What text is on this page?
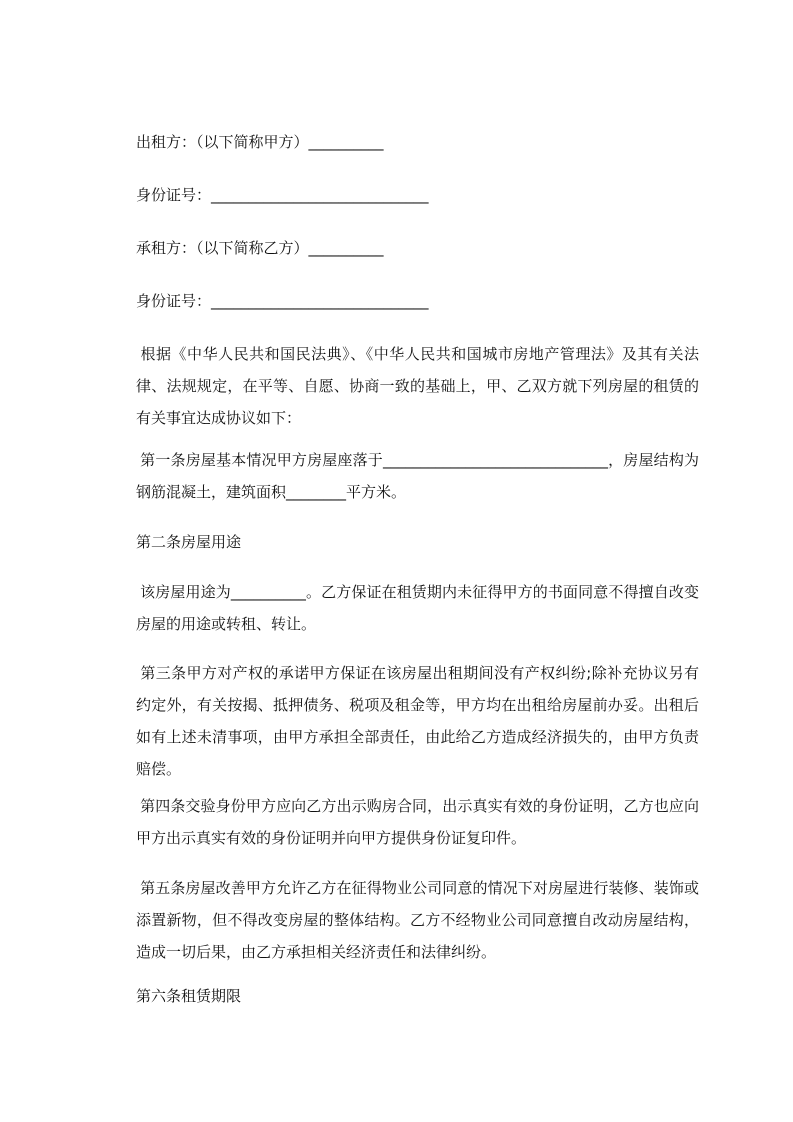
出租方：（以下简称甲方）__________
身份证号：_____________________________
承租方：（以下简称乙方）__________
身份证号：_____________________________
根据《中华人民共和国民法典》、《中华人民共和国城市房地产管理法》及其有关法律、法规规定，在平等、自愿、协商一致的基础上，甲、乙双方就下列房屋的租赁的有关事宜达成协议如下：
第一条房屋基本情况甲方房屋座落于______________________________，房屋结构为钢筋混凝土，建筑面积________平方米。
第二条房屋用途
该房屋用途为__________。乙方保证在租赁期内未征得甲方的书面同意不得擅自改变房屋的用途或转租、转让。
第三条甲方对产权的承诺甲方保证在该房屋出租期间没有产权纠纷;除补充协议另有约定外，有关按揭、抵押债务、税项及租金等，甲方均在出租给房屋前办妥。出租后如有上述未清事项，由甲方承担全部责任，由此给乙方造成经济损失的，由甲方负责赔偿。
第四条交验身份甲方应向乙方出示购房合同，出示真实有效的身份证明，乙方也应向甲方出示真实有效的身份证明并向甲方提供身份证复印件。
第五条房屋改善甲方允许乙方在征得物业公司同意的情况下对房屋进行装修、装饰或添置新物，但不得改变房屋的整体结构。乙方不经物业公司同意擅自改动房屋结构，造成一切后果，由乙方承担相关经济责任和法律纠纷。
第六条租赁期限
